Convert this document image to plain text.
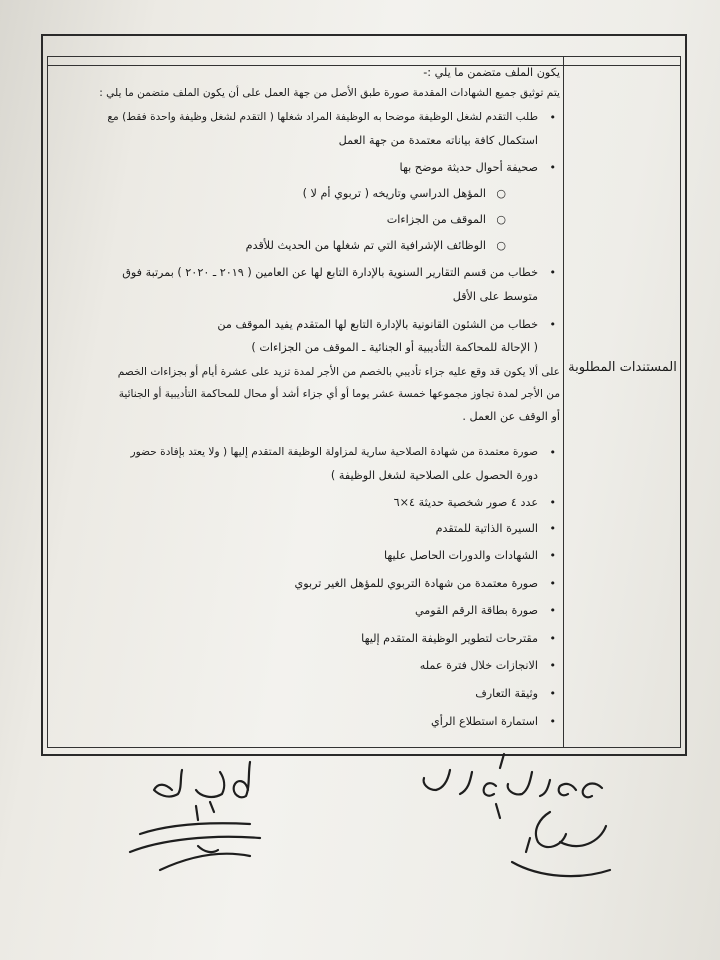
المستندات المطلوبة
يكون الملف متضمن ما يلي :-
يتم توثيق جميع الشهادات المقدمة صورة طبق الأصل من جهة العمل على أن يكون الملف متضمن ما يلي :
•
طلب التقدم لشغل الوظيفة موضحا به الوظيفة المراد شغلها ( التقدم لشغل وظيفة واحدة فقط) مع
استكمال كافة بياناته معتمدة من جهة العمل
•
صحيفة أحوال حديثة موضح بها
○
المؤهل الدراسي وتاريخه ( تربوي أم لا )
○
الموقف من الجزاءات
○
الوظائف الإشرافية التي تم شغلها من الحديث للأقدم
•
خطاب من قسم التقارير السنوية بالإدارة التابع لها عن العامين ( ٢٠١٩ ـ ٢٠٢٠ ) بمرتبة فوق
متوسط على الأقل
•
خطاب من الشئون القانونية بالإدارة التابع لها المتقدم يفيد الموقف من
( الإحالة للمحاكمة التأديبية أو الجنائية ـ الموقف من الجزاءات )
على ألا يكون قد وقع عليه جزاء تأديبي بالخصم من الأجر لمدة تزيد على عشرة أيام أو بجزاءات الخصم
من الأجر لمدة تجاوز مجموعها خمسة عشر يوما أو أي جزاء أشد أو محال للمحاكمة التأديبية أو الجنائية
أو الوقف عن العمل .
•
صورة معتمدة من شهادة الصلاحية سارية لمزاولة الوظيفة المتقدم إليها ( ولا يعتد بإفادة حضور
دورة الحصول على الصلاحية لشغل الوظيفة )
•
عدد ٤ صور شخصية حديثة ٤×٦
•
السيرة الذاتية للمتقدم
•
الشهادات والدورات الحاصل عليها
•
صورة معتمدة من شهادة التربوي للمؤهل الغير تربوي
•
صورة بطاقة الرقم القومي
•
مقترحات لتطوير الوظيفة المتقدم إليها
•
الانجازات خلال فترة عمله
•
وثيقة التعارف
•
استمارة استطلاع الرأي
